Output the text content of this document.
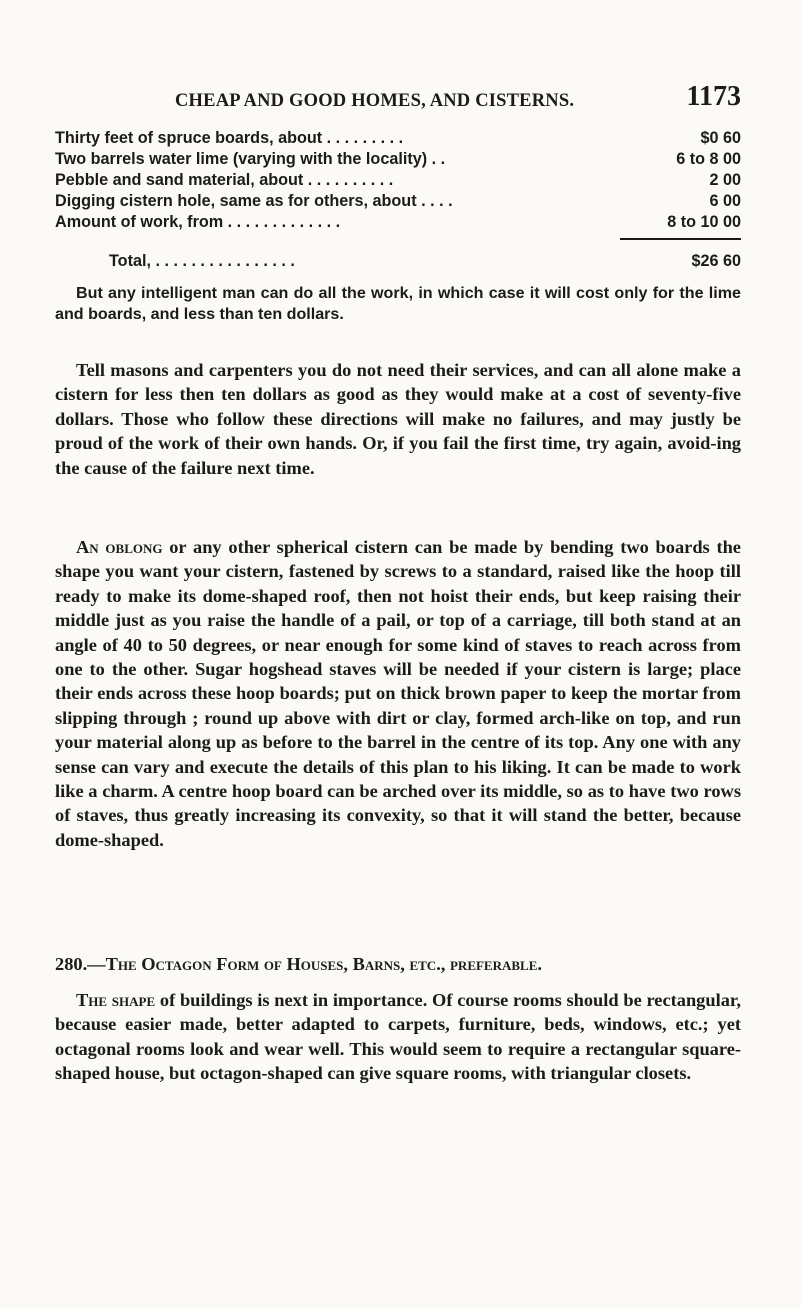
CHEAP AND GOOD HOMES, AND CISTERNS.	1173
Thirty feet of spruce boards, about . . . . . . . . .	$0 60
Two barrels water lime (varying with the locality) . .	6 to 8 00
Pebble and sand material, about . . . . . . . . . .	2 00
Digging cistern hole, same as for others, about . . . .	6 00
Amount of work, from . . . . . . . . . . . . .	8 to 10 00
Total, . . . . . . . . . . . . . . . .	$26 60

But any intelligent man can do all the work, in which case it will cost only for the lime and boards, and less than ten dollars.

Tell masons and carpenters you do not need their services, and can all alone make a cistern for less then ten dollars as good as they would make at a cost of seventy-five dollars. Those who follow these directions will make no failures, and may justly be proud of the work of their own hands. Or, if you fail the first time, try again, avoid-ing the cause of the failure next time.

An oblong or any other spherical cistern can be made by bending two boards the shape you want your cistern, fastened by screws to a standard, raised like the hoop till ready to make its dome-shaped roof, then not hoist their ends, but keep raising their middle just as you raise the handle of a pail, or top of a carriage, till both stand at an angle of 40 to 50 degrees, or near enough for some kind of staves to reach across from one to the other. Sugar hogshead staves will be needed if your cistern is large; place their ends across these hoop boards; put on thick brown paper to keep the mortar from slipping through ; round up above with dirt or clay, formed arch-like on top, and run your material along up as before to the barrel in the centre of its top. Any one with any sense can vary and execute the details of this plan to his liking. It can be made to work like a charm. A centre hoop board can be arched over its middle, so as to have two rows of staves, thus greatly increasing its convexity, so that it will stand the better, because dome-shaped.

280.—The Octagon Form of Houses, Barns, etc., preferable.

The shape of buildings is next in importance. Of course rooms should be rectangular, because easier made, better adapted to carpets, furniture, beds, windows, etc.; yet octagonal rooms look and wear well. This would seem to require a rectangular square-shaped house, but octagon-shaped can give square rooms, with triangular closets.
